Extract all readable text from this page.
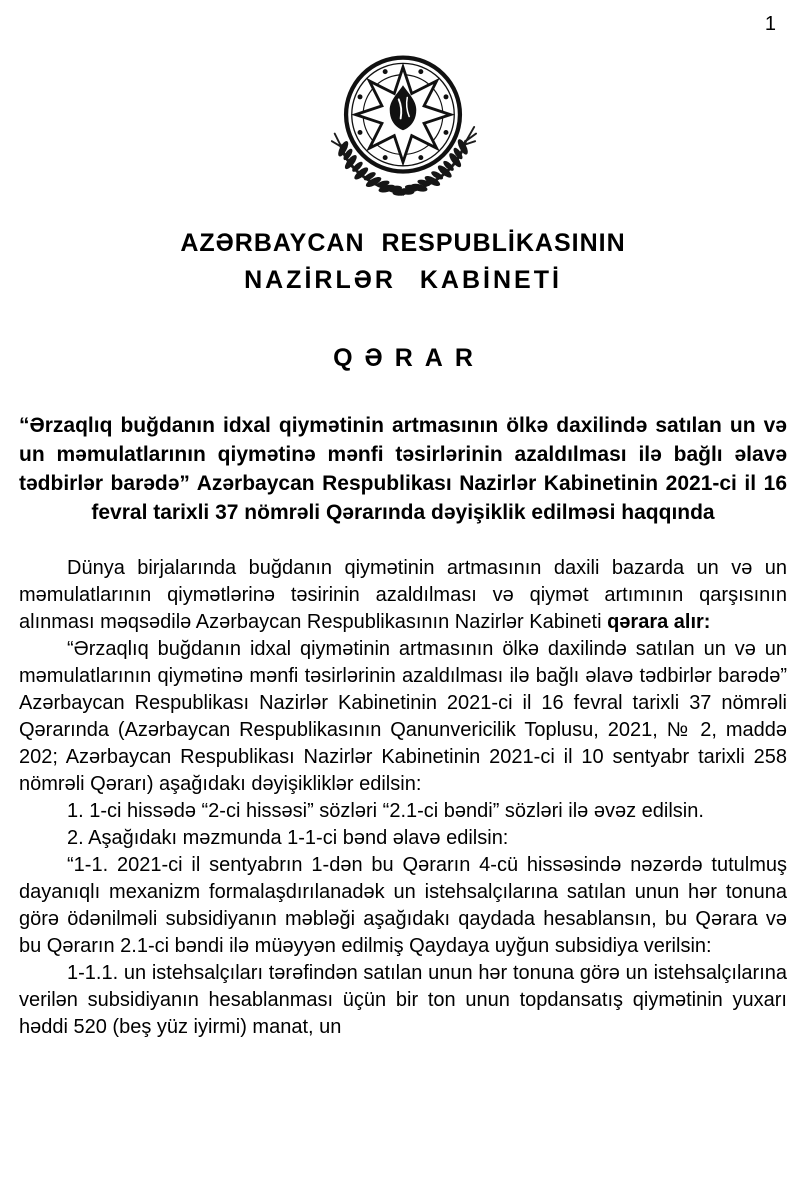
1
AZƏRBAYCAN RESPUBLİKASININ
NAZİRLƏR KABİNETİ
QƏRAR
“Ərzaqlıq buğdanın idxal qiymətinin artmasının ölkə daxilində satılan un və un məmulatlarının qiymətinə mənfi təsirlərinin azaldılması ilə bağlı əlavə tədbirlər barədə” Azərbaycan Respublikası Nazirlər Kabinetinin 2021-ci il 16 fevral tarixli 37 nömrəli Qərarında dəyişiklik edilməsi haqqında

Dünya birjalarında buğdanın qiymətinin artmasının daxili bazarda un və un məmulatlarının qiymətlərinə təsirinin azaldılması və qiymət artımının qarşısının alınması məqsədilə Azərbaycan Respublikasının Nazirlər Kabineti qərara alır:

“Ərzaqlıq buğdanın idxal qiymətinin artmasının ölkə daxilində satılan un və un məmulatlarının qiymətinə mənfi təsirlərinin azaldılması ilə bağlı əlavə tədbirlər barədə” Azərbaycan Respublikası Nazirlər Kabinetinin 2021-ci il 16 fevral tarixli 37 nömrəli Qərarında (Azərbaycan Respublikasının Qanunvericilik Toplusu, 2021, № 2, maddə 202; Azərbaycan Respublikası Nazirlər Kabinetinin 2021-ci il 10 sentyabr tarixli 258 nömrəli Qərarı) aşağıdakı dəyişikliklər edilsin:

1. 1-ci hissədə “2-ci hissəsi” sözləri “2.1-ci bəndi” sözləri ilə əvəz edilsin.

2. Aşağıdakı məzmunda 1-1-ci bənd əlavə edilsin:

“1-1. 2021-ci il sentyabrın 1-dən bu Qərarın 4-cü hissəsində nəzərdə tutulmuş dayanıqlı mexanizm formalaşdırılanadək un istehsalçılarına satılan unun hər tonuna görə ödənilməli subsidiyanın məbləği aşağıdakı qaydada hesablansın, bu Qərara və bu Qərarın 2.1-ci bəndi ilə müəyyən edilmiş Qaydaya uyğun subsidiya verilsin:

1-1.1. un istehsalçıları tərəfindən satılan unun hər tonuna görə un istehsalçılarına verilən subsidiyanın hesablanması üçün bir ton unun topdansatış qiymətinin yuxarı həddi 520 (beş yüz iyirmi) manat, un
